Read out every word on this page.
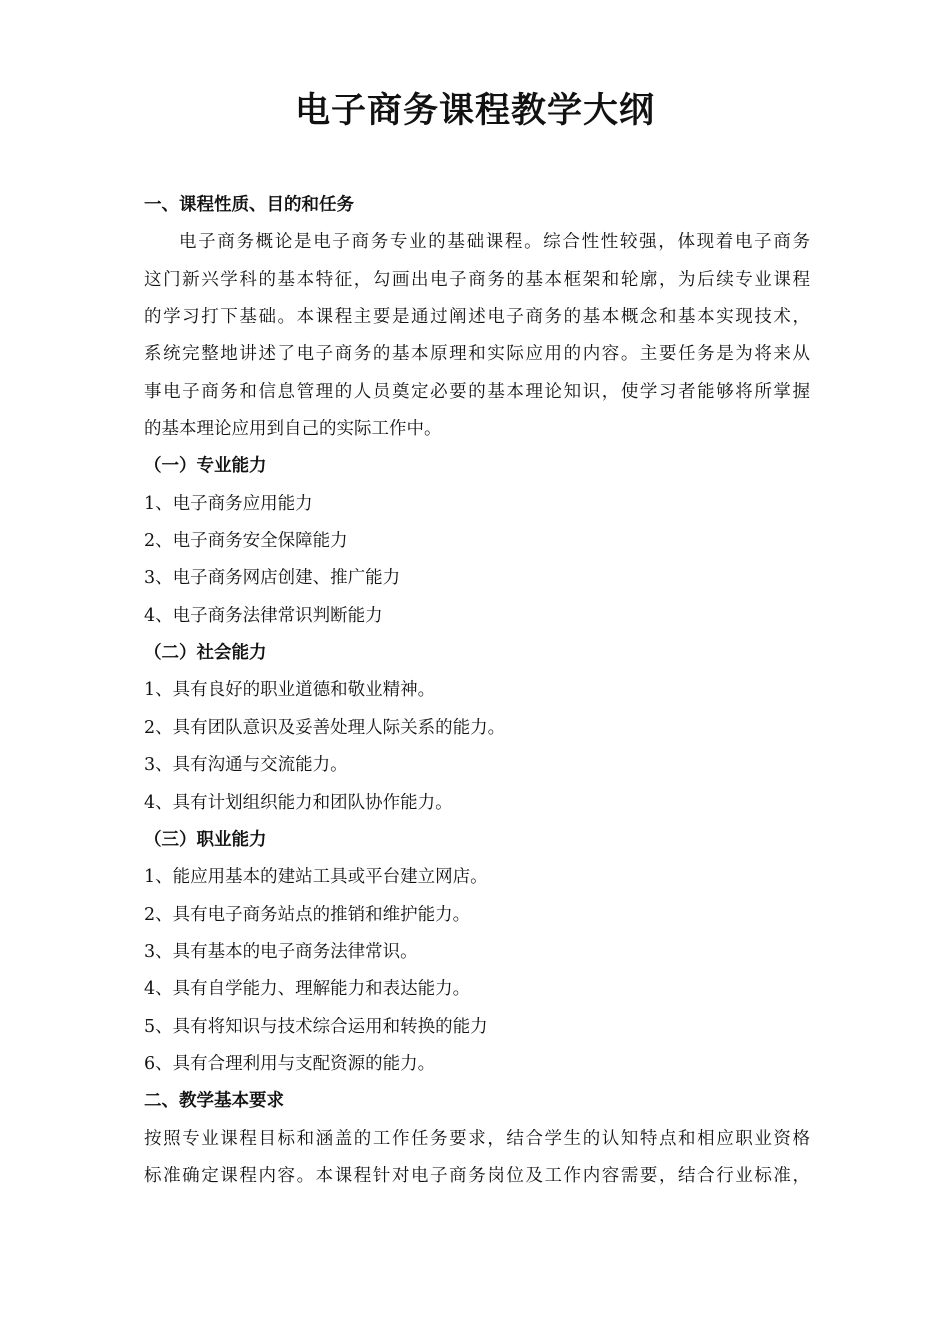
电子商务课程教学大纲

一、课程性质、目的和任务

电子商务概论是电子商务专业的基础课程。综合性性较强，体现着电子商务

这门新兴学科的基本特征，勾画出电子商务的基本框架和轮廓，为后续专业课程

的学习打下基础。本课程主要是通过阐述电子商务的基本概念和基本实现技术，

系统完整地讲述了电子商务的基本原理和实际应用的内容。主要任务是为将来从

事电子商务和信息管理的人员奠定必要的基本理论知识，使学习者能够将所掌握

的基本理论应用到自己的实际工作中。

（一）专业能力

1、电子商务应用能力

2、电子商务安全保障能力

3、电子商务网店创建、推广能力

4、电子商务法律常识判断能力

（二）社会能力

1、具有良好的职业道德和敬业精神。

2、具有团队意识及妥善处理人际关系的能力。

3、具有沟通与交流能力。

4、具有计划组织能力和团队协作能力。

（三）职业能力

1、能应用基本的建站工具或平台建立网店。

2、具有电子商务站点的推销和维护能力。

3、具有基本的电子商务法律常识。

4、具有自学能力、理解能力和表达能力。

5、具有将知识与技术综合运用和转换的能力

6、具有合理利用与支配资源的能力。

二、教学基本要求

按照专业课程目标和涵盖的工作任务要求，结合学生的认知特点和相应职业资格

标准确定课程内容。本课程针对电子商务岗位及工作内容需要，结合行业标准，
